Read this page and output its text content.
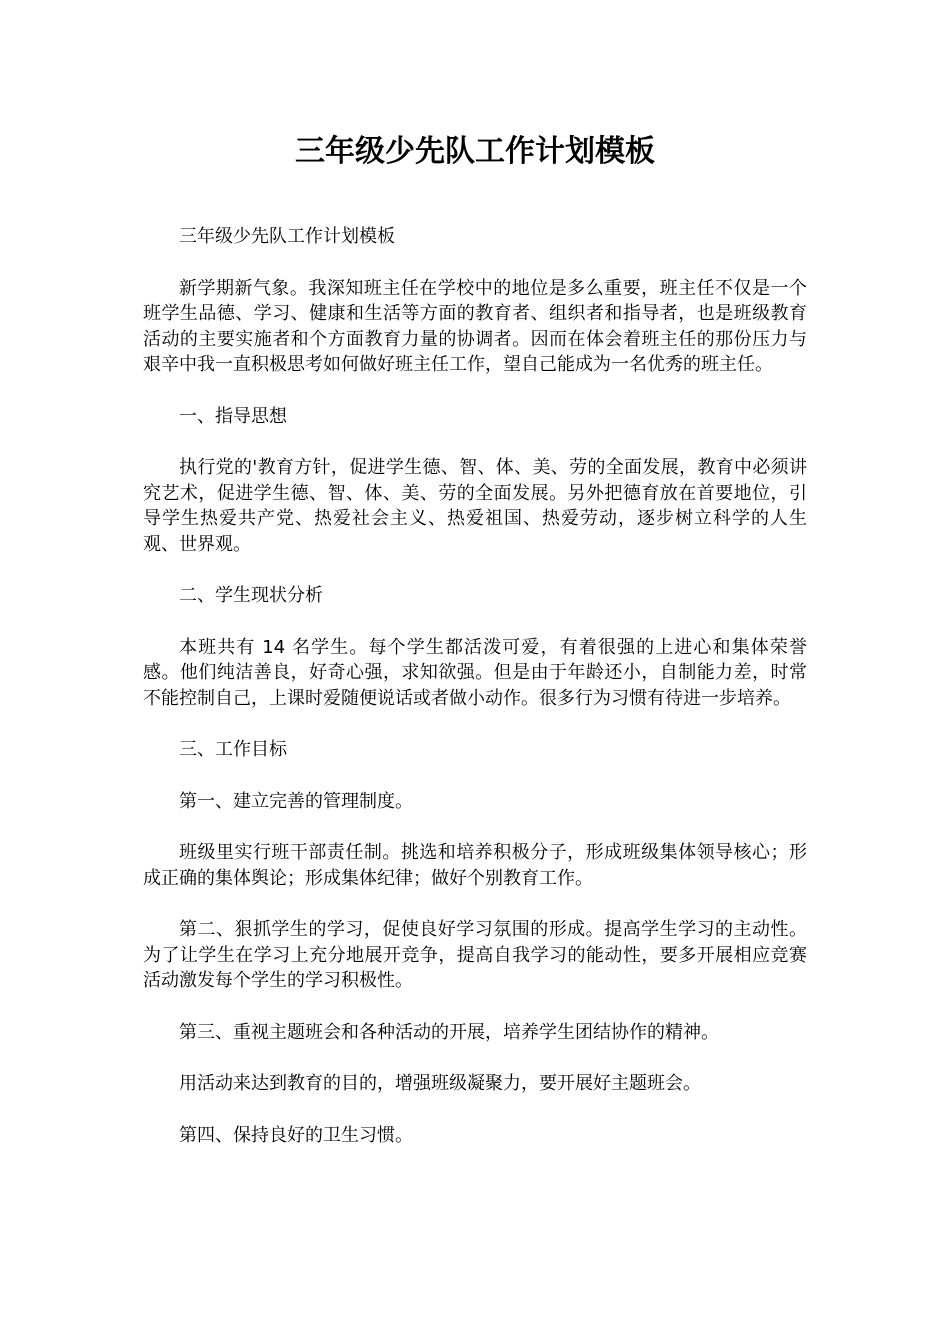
三年级少先队工作计划模板

三年级少先队工作计划模板

新学期新气象。我深知班主任在学校中的地位是多么重要，班主任不仅是一个班学生品德、学习、健康和生活等方面的教育者、组织者和指导者，也是班级教育活动的主要实施者和个方面教育力量的协调者。因而在体会着班主任的那份压力与艰辛中我一直积极思考如何做好班主任工作，望自己能成为一名优秀的班主任。

一、指导思想

执行党的'教育方针，促进学生德、智、体、美、劳的全面发展，教育中必须讲究艺术，促进学生德、智、体、美、劳的全面发展。另外把德育放在首要地位，引导学生热爱共产党、热爱社会主义、热爱祖国、热爱劳动，逐步树立科学的人生观、世界观。

二、学生现状分析

本班共有 14 名学生。每个学生都活泼可爱，有着很强的上进心和集体荣誉感。他们纯洁善良，好奇心强，求知欲强。但是由于年龄还小，自制能力差，时常不能控制自己，上课时爱随便说话或者做小动作。很多行为习惯有待进一步培养。

三、工作目标

第一、建立完善的管理制度。

班级里实行班干部责任制。挑选和培养积极分子，形成班级集体领导核心；形成正确的集体舆论；形成集体纪律；做好个别教育工作。

第二、狠抓学生的学习，促使良好学习氛围的形成。提高学生学习的主动性。为了让学生在学习上充分地展开竞争，提高自我学习的能动性，要多开展相应竞赛活动激发每个学生的学习积极性。

第三、重视主题班会和各种活动的开展，培养学生团结协作的精神。

用活动来达到教育的目的，增强班级凝聚力，要开展好主题班会。

第四、保持良好的卫生习惯。
